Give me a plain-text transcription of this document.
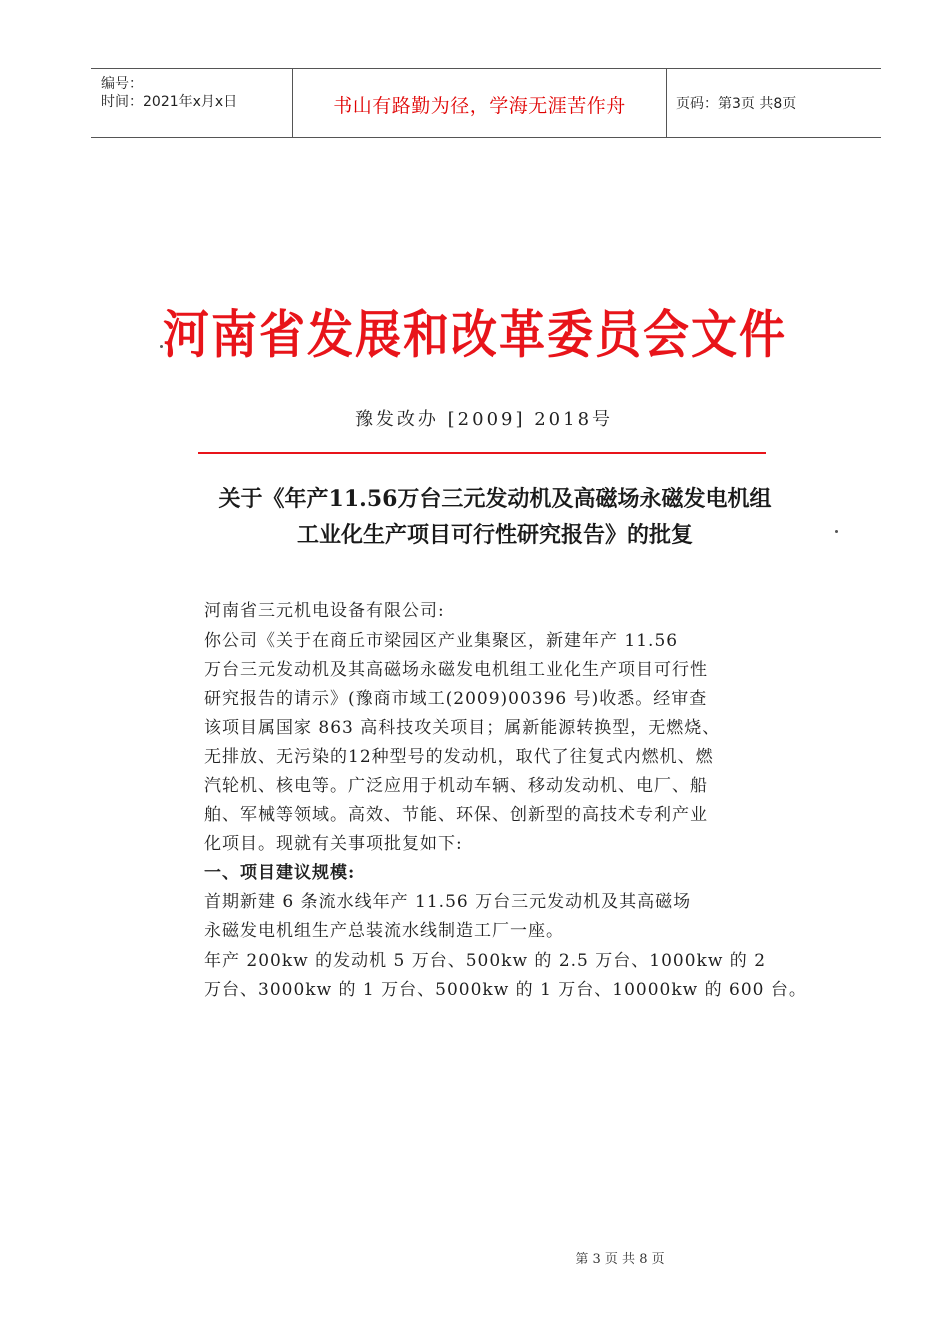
编号：
时间：2021年x月x日	书山有路勤为径，学海无涯苦作舟	页码：第3页 共8页
河南省发展和改革委员会文件
豫发改办 [2009] 2018号
关于《年产11.56万台三元发动机及高磁场永磁发电机组
工业化生产项目可行性研究报告》的批复
河南省三元机电设备有限公司:
你公司《关于在商丘市梁园区产业集聚区，新建年产 11.56
万台三元发动机及其高磁场永磁发电机组工业化生产项目可行性
研究报告的请示》(豫商市域工(2009)00396 号)收悉。经审查
该项目属国家 863 高科技攻关项目；属新能源转换型，无燃烧、
无排放、无污染的12种型号的发动机，取代了往复式内燃机、燃
汽轮机、核电等。广泛应用于机动车辆、移动发动机、电厂、船
舶、军械等领域。高效、节能、环保、创新型的高技术专利产业
化项目。现就有关事项批复如下:
一、项目建议规模:
首期新建 6 条流水线年产 11.56 万台三元发动机及其高磁场
永磁发电机组生产总装流水线制造工厂一座。
年产 200kw 的发动机 5 万台、500kw 的 2.5 万台、1000kw 的 2
万台、3000kw 的 1 万台、5000kw 的 1 万台、10000kw 的 600 台。
第 3 页 共 8 页
